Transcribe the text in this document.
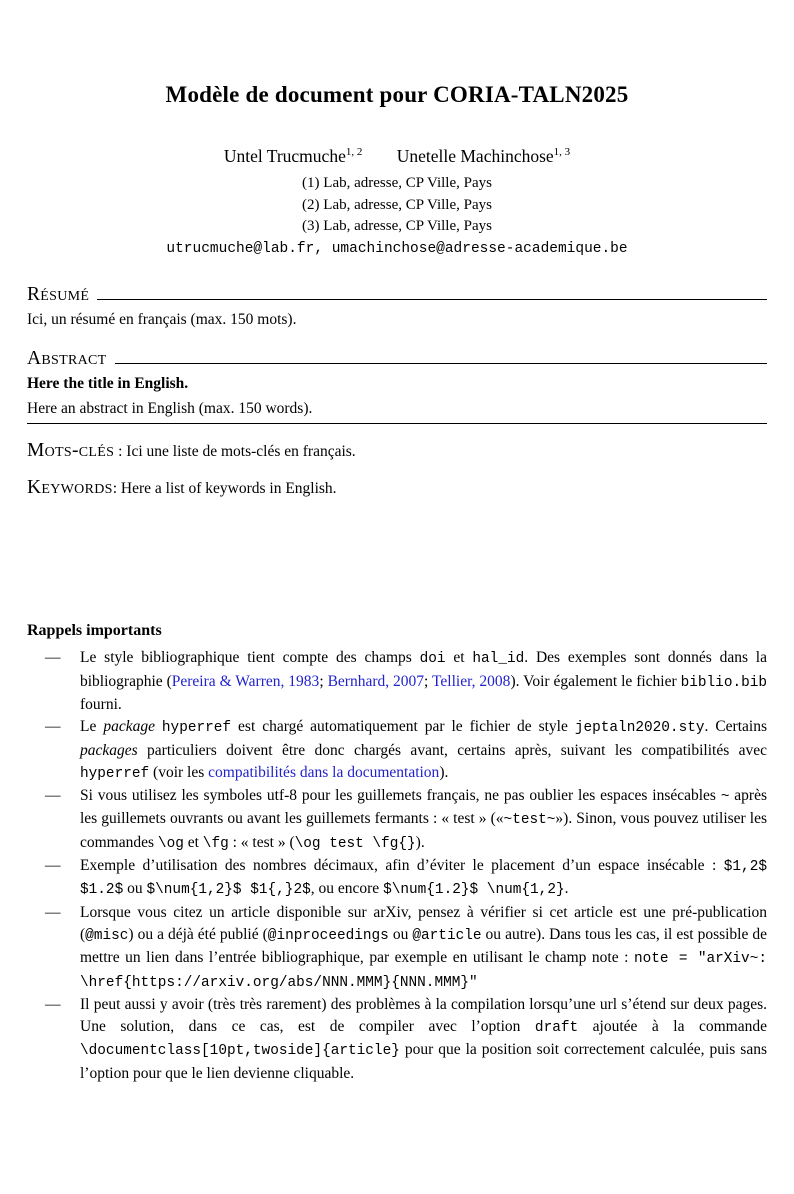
Modèle de document pour CORIA-TALN2025
Untel Trucmuche$^{1, 2}$ Unetelle Machinchose$^{1, 3}$
(1) Lab, adresse, CP Ville, Pays
(2) Lab, adresse, CP Ville, Pays
(3) Lab, adresse, CP Ville, Pays
utrucmuche@lab.fr, umachinchose@adresse-academique.be
Résumé

Ici, un résumé en français (max. 150 mots).

Abstract

Here the title in English.

Here an abstract in English (max. 150 words).

Mots-clés : Ici une liste de mots-clés en français.

Keywords: Here a list of keywords in English.

Rappels importants

—	Le style bibliographique tient compte des champs doi et hal_id. Des exemples sont donnés dans la bibliographie (Pereira & Warren, 1983; Bernhard, 2007; Tellier, 2008). Voir également le fichier biblio.bib fourni.
—	Le package hyperref est chargé automatiquement par le fichier de style jeptaln2020.sty. Certains packages particuliers doivent être donc chargés avant, certains après, suivant les compatibilités avec hyperref (voir les compatibilités dans la documentation).
—	Si vous utilisez les symboles utf-8 pour les guillemets français, ne pas oublier les espaces insécables ~ après les guillemets ouvrants ou avant les guillemets fermants : « test » («~test~»). Sinon, vous pouvez utiliser les commandes \og et \fg : « test » (\og test \fg{}).
—	Exemple d’utilisation des nombres décimaux, afin d’éviter le placement d’un espace insécable : $1,2$ $1.2$ ou $\num{1,2}$ $1{,}2$, ou encore $\num{1.2}$ \num{1,2}.
—	Lorsque vous citez un article disponible sur arXiv, pensez à vérifier si cet article est une pré-publication (@misc) ou a déjà été publié (@inproceedings ou @article ou autre). Dans tous les cas, il est possible de mettre un lien dans l’entrée bibliographique, par exemple en utilisant le champ note : note = "arXiv~: \href{https://arxiv.org/abs/NNN.MMM}{NNN.MMM}"
—	Il peut aussi y avoir (très très rarement) des problèmes à la compilation lorsqu’une url s’étend sur deux pages. Une solution, dans ce cas, est de compiler avec l’option draft ajoutée à la commande \documentclass[10pt,twoside]{article} pour que la position soit correctement calculée, puis sans l’option pour que le lien devienne cliquable.
